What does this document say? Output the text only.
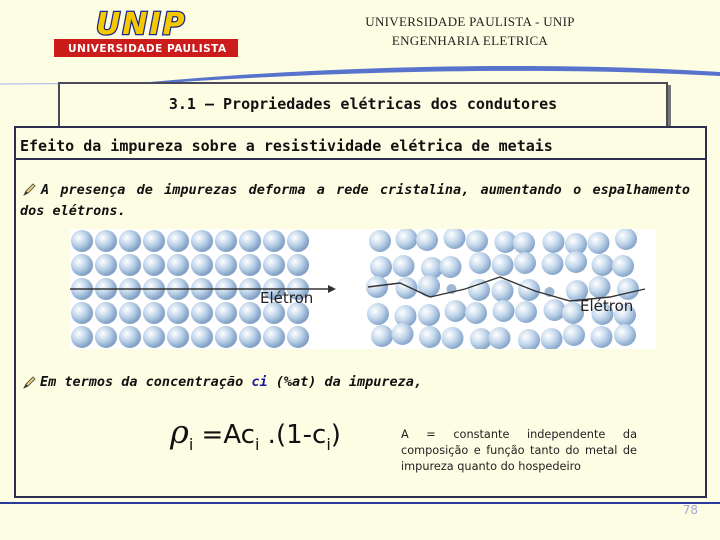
UNIP
UNIVERSIDADE PAULISTA
UNIVERSIDADE PAULISTA - UNIP
ENGENHARIA ELETRICA
3.1 – Propriedades elétricas dos condutores
Efeito da impureza sobre a resistividade elétrica de metais
A presença de impurezas deforma a rede cristalina, aumentando o espalhamento dos elétrons.
Elétron	Elétron
Em termos da concentração ci (%at) da impureza,
ρi =Aci .(1-ci)	A = constante independente da composição e função tanto do metal de impureza quanto do hospedeiro
78
